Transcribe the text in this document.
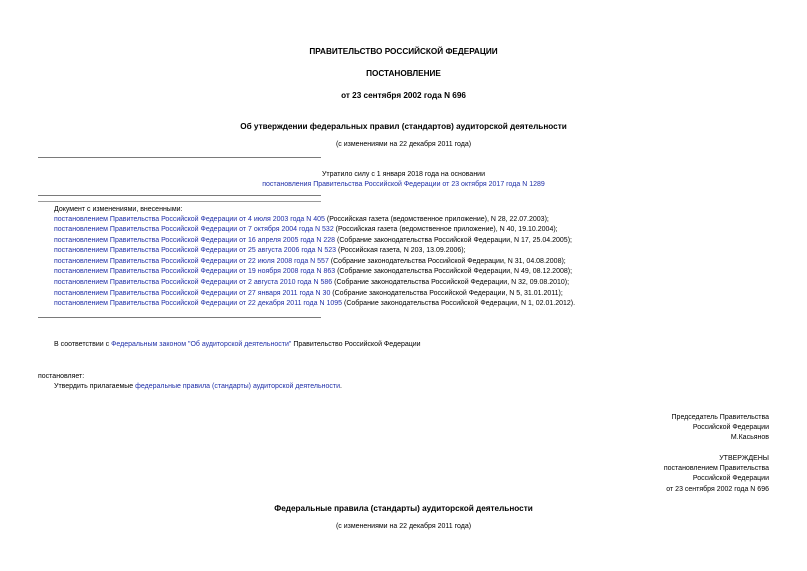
ПРАВИТЕЛЬСТВО РОССИЙСКОЙ ФЕДЕРАЦИИ
ПОСТАНОВЛЕНИЕ
от 23 сентября 2002 года N 696
Об утверждении федеральных правил (стандартов) аудиторской деятельности
(с изменениями на 22 декабря 2011 года)
Утратило силу с 1 января 2018 года на основании
постановления Правительства Российской Федерации от 23 октября 2017 года N 1289
Документ с изменениями, внесенными:
постановлением Правительства Российской Федерации от 4 июля 2003 года N 405 (Российская газета (ведомственное приложение), N 28, 22.07.2003);
постановлением Правительства Российской Федерации от 7 октября 2004 года N 532 (Российская газета (ведомственное приложение), N 40, 19.10.2004);
постановлением Правительства Российской Федерации от 16 апреля 2005 года N 228 (Собрание законодательства Российской Федерации, N 17, 25.04.2005);
постановлением Правительства Российской Федерации от 25 августа 2006 года N 523 (Российская газета, N 203, 13.09.2006);
постановлением Правительства Российской Федерации от 22 июля 2008 года N 557 (Собрание законодательства Российской Федерации, N 31, 04.08.2008);
постановлением Правительства Российской Федерации от 19 ноября 2008 года N 863 (Собрание законодательства Российской Федерации, N 49, 08.12.2008);
постановлением Правительства Российской Федерации от 2 августа 2010 года N 586 (Собрание законодательства Российской Федерации, N 32, 09.08.2010);
постановлением Правительства Российской Федерации от 27 января 2011 года N 30 (Собрание законодательства Российской Федерации, N 5, 31.01.2011);
постановлением Правительства Российской Федерации от 22 декабря 2011 года N 1095 (Собрание законодательства Российской Федерации, N 1, 02.01.2012).
В соответствии с Федеральным законом "Об аудиторской деятельности" Правительство Российской Федерации
постановляет:
Утвердить прилагаемые федеральные правила (стандарты) аудиторской деятельности.
Председатель Правительства
Российской Федерации
М.Касьянов
УТВЕРЖДЕНЫ
постановлением Правительства
Российской Федерации
от 23 сентября 2002 года N 696
Федеральные правила (стандарты) аудиторской деятельности
(с изменениями на 22 декабря 2011 года)
